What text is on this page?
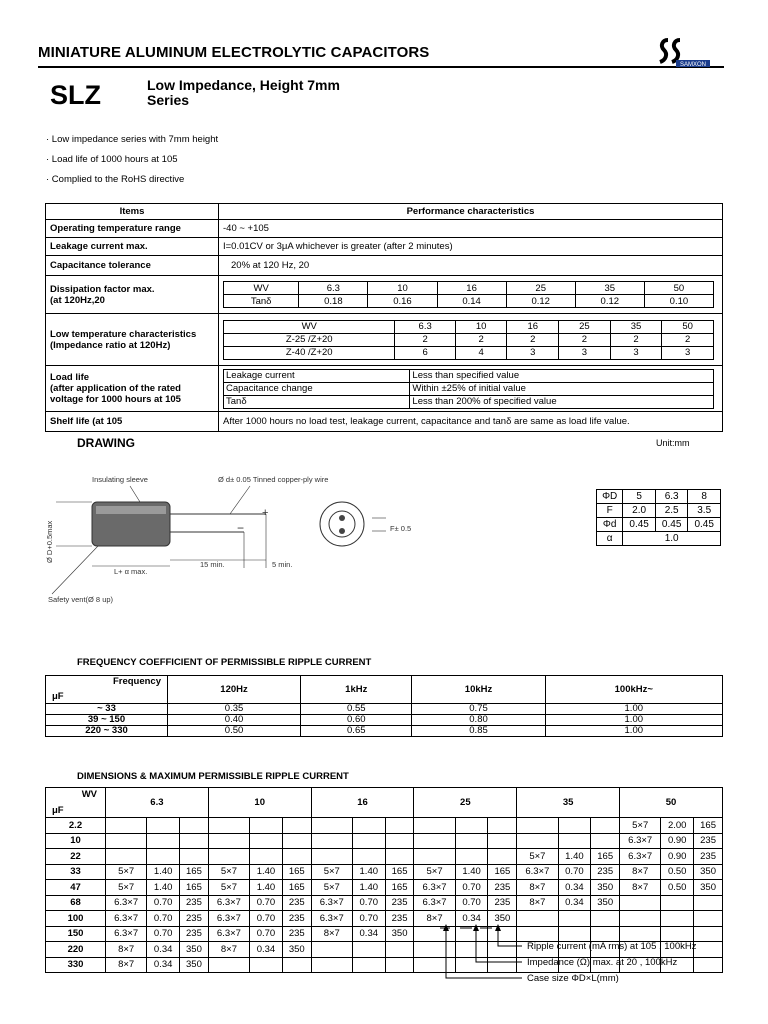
MINIATURE ALUMINUM ELECTROLYTIC CAPACITORS
SAMXON
SLZ	Low Impedance, Height 7mm
Series
· Low impedance series with 7mm height
· Load life of 1000 hours at 105
· Complied to the RoHS directive
Items	Performance characteristics
Operating temperature range	-40 ~ +105
Leakage current max.	I=0.01CV or 3μA whichever is greater (after 2 minutes)
Capacitance tolerance	20% at 120 Hz, 20

Dissipation factor max.
(at 120Hz,20

WV	6.3	10	16	25	35	50
Tanδ	0.18	0.16	0.14	0.12	0.12	0.10

Low temperature characteristics
(Impedance ratio at 120Hz)

WV	6.3	10	16	25	35	50
Z-25 /Z+20	2	2	2	2	2	2
Z-40 /Z+20	6	4	3	3	3	3

Load life
(after application of the rated
voltage for 1000 hours at 105

Leakage current	Less than specified value
Capacitance change	Within ±25% of initial value
Tanδ	Less than 200% of specified value

Shelf life (at 105	After 1000 hours no load test, leakage current, capacitance and tanδ are same as load life value.
DRAWING	Unit:mm
Insulating sleeve	Ø d± 0.05 Tinned copper-ply wire
L+ α max.
15 min.	5 min.
Safety vent(Ø 8 up)
F± 0.5
−
+
Ø D+0.5max
ΦD	5	6.3	8
F	2.0	2.5	3.5
Φd	0.45	0.45	0.45
α	1.0		
FREQUENCY COEFFICIENT OF PERMISSIBLE RIPPLE CURRENT
Frequency
μF	120Hz	1kHz	10kHz	100kHz~
~ 33	0.35	0.55	0.75	1.00
39 ~ 150	0.40	0.60	0.80	1.00
220 ~ 330	0.50	0.65	0.85	1.00
DIMENSIONS & MAXIMUM PERMISSIBLE RIPPLE CURRENT
WV
μF	6.3			10			16			25			35			50		
2.2																5×7	2.00	165
10																6.3×7	0.90	235
22													5×7	1.40	165	6.3×7	0.90	235
33	5×7	1.40	165	5×7	1.40	165	5×7	1.40	165	5×7	1.40	165	6.3×7	0.70	235	8×7	0.50	350
47	5×7	1.40	165	5×7	1.40	165	5×7	1.40	165	6.3×7	0.70	235	8×7	0.34	350	8×7	0.50	350
68	6.3×7	0.70	235	6.3×7	0.70	235	6.3×7	0.70	235	6.3×7	0.70	235	8×7	0.34	350			
100	6.3×7	0.70	235	6.3×7	0.70	235	6.3×7	0.70	235	8×7	0.34	350						
150	6.3×7	0.70	235	6.3×7	0.70	235	8×7	0.34	350									
220	8×7	0.34	350	8×7	0.34	350												
330	8×7	0.34	350															
Ripple current (mA rms) at 105 , 100kHz
Impedance (Ω) max. at 20 , 100kHz
Case size ΦD×L(mm)
